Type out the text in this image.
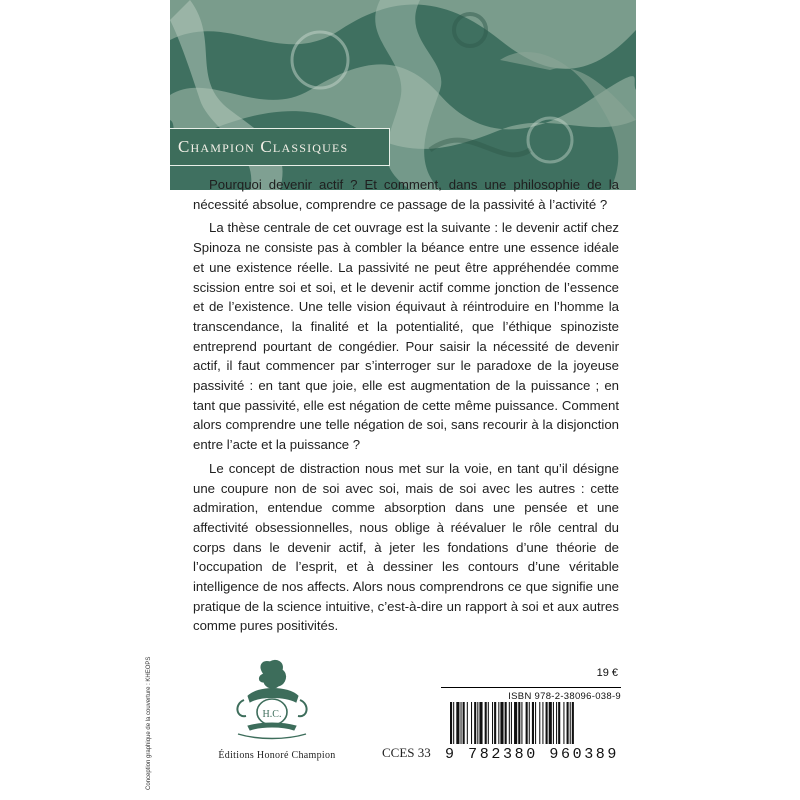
Champion Classiques

Pourquoi devenir actif ? Et comment, dans une philosophie de la nécessité absolue, comprendre ce passage de la passivité à l’activité ?

La thèse centrale de cet ouvrage est la suivante : le devenir actif chez Spinoza ne consiste pas à combler la béance entre une essence idéale et une existence réelle. La passivité ne peut être appréhendée comme scission entre soi et soi, et le devenir actif comme jonction de l’essence et de l’existence. Une telle vision équivaut à réintroduire en l’homme la transcendance, la finalité et la potentialité, que l’éthique spinoziste entreprend pourtant de congédier. Pour saisir la nécessité de devenir actif, il faut commencer par s’interroger sur le paradoxe de la joyeuse passivité : en tant que joie, elle est augmentation de la puissance ; en tant que passivité, elle est négation de cette même puissance. Comment alors comprendre une telle négation de soi, sans recourir à la disjonction entre l’acte et la puissance ?

Le concept de distraction nous met sur la voie, en tant qu’il désigne une coupure non de soi avec soi, mais de soi avec les autres : cette admiration, entendue comme absorption dans une pensée et une affectivité obsessionnelles, nous oblige à réévaluer le rôle central du corps dans le devenir actif, à jeter les fondations d’une théorie de l’occupation de l’esprit, et à dessiner les contours d’une véritable intelligence de nos affects. Alors nous comprendrons ce que signifie une pratique de la science intuitive, c’est-à-dire un rapport à soi et aux autres comme pures positivités.

H.C.
Éditions Honoré Champion	CCES 33
19 €
ISBN 978-2-38096-038-9
9 782380 960389
Conception graphique de la couverture : KHEOPS
